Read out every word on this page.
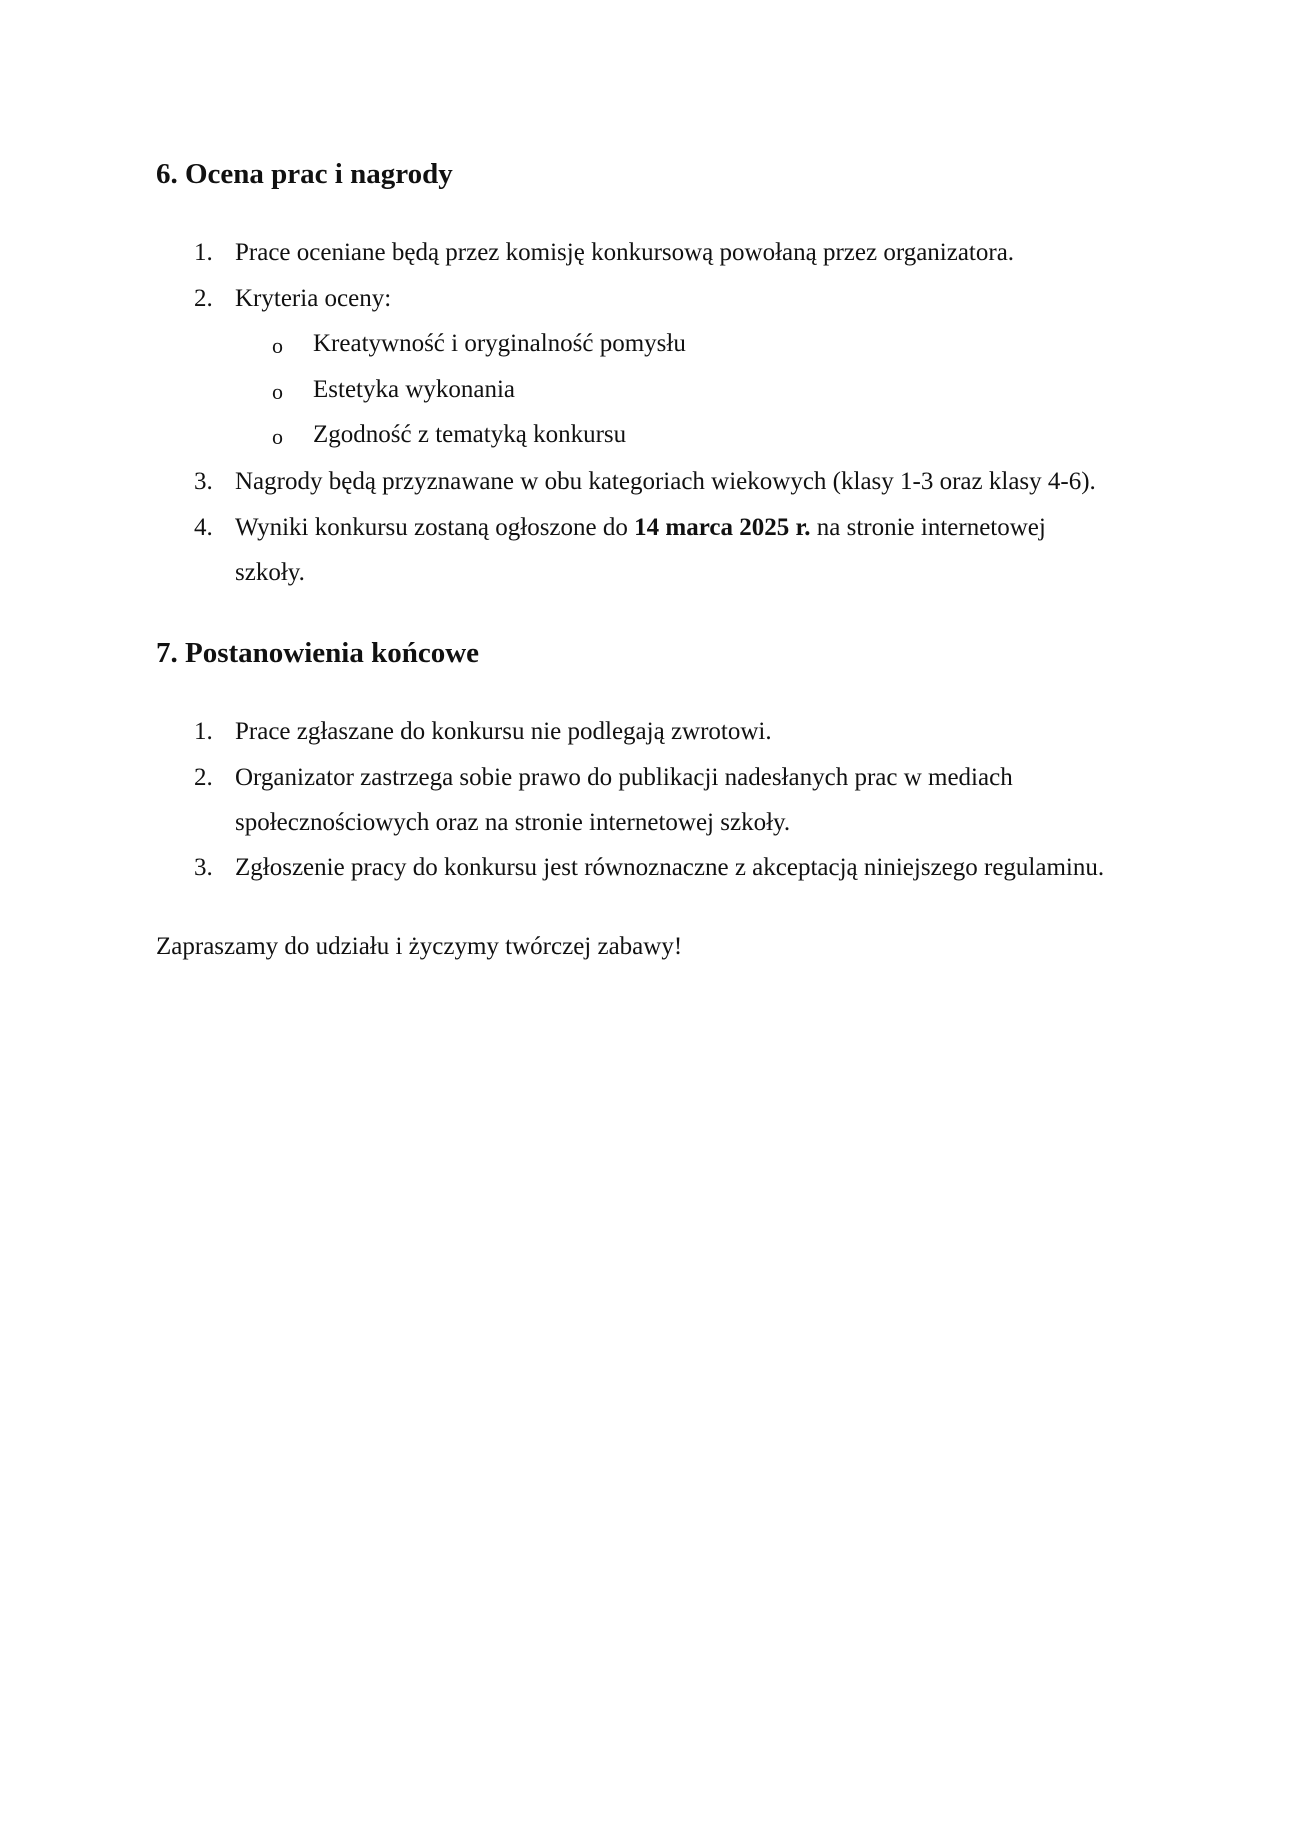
6. Ocena prac i nagrody
1. Prace oceniane będą przez komisję konkursową powołaną przez organizatora.
2. Kryteria oceny:
o Kreatywność i oryginalność pomysłu
o Estetyka wykonania
o Zgodność z tematyką konkursu
3. Nagrody będą przyznawane w obu kategoriach wiekowych (klasy 1-3 oraz klasy 4-6).
4. Wyniki konkursu zostaną ogłoszone do 14 marca 2025 r. na stronie internetowej
szkoły.
7. Postanowienia końcowe
1. Prace zgłaszane do konkursu nie podlegają zwrotowi.
2. Organizator zastrzega sobie prawo do publikacji nadesłanych prac w mediach
społecznościowych oraz na stronie internetowej szkoły.
3. Zgłoszenie pracy do konkursu jest równoznaczne z akceptacją niniejszego regulaminu.
Zapraszamy do udziału i życzymy twórczej zabawy!
